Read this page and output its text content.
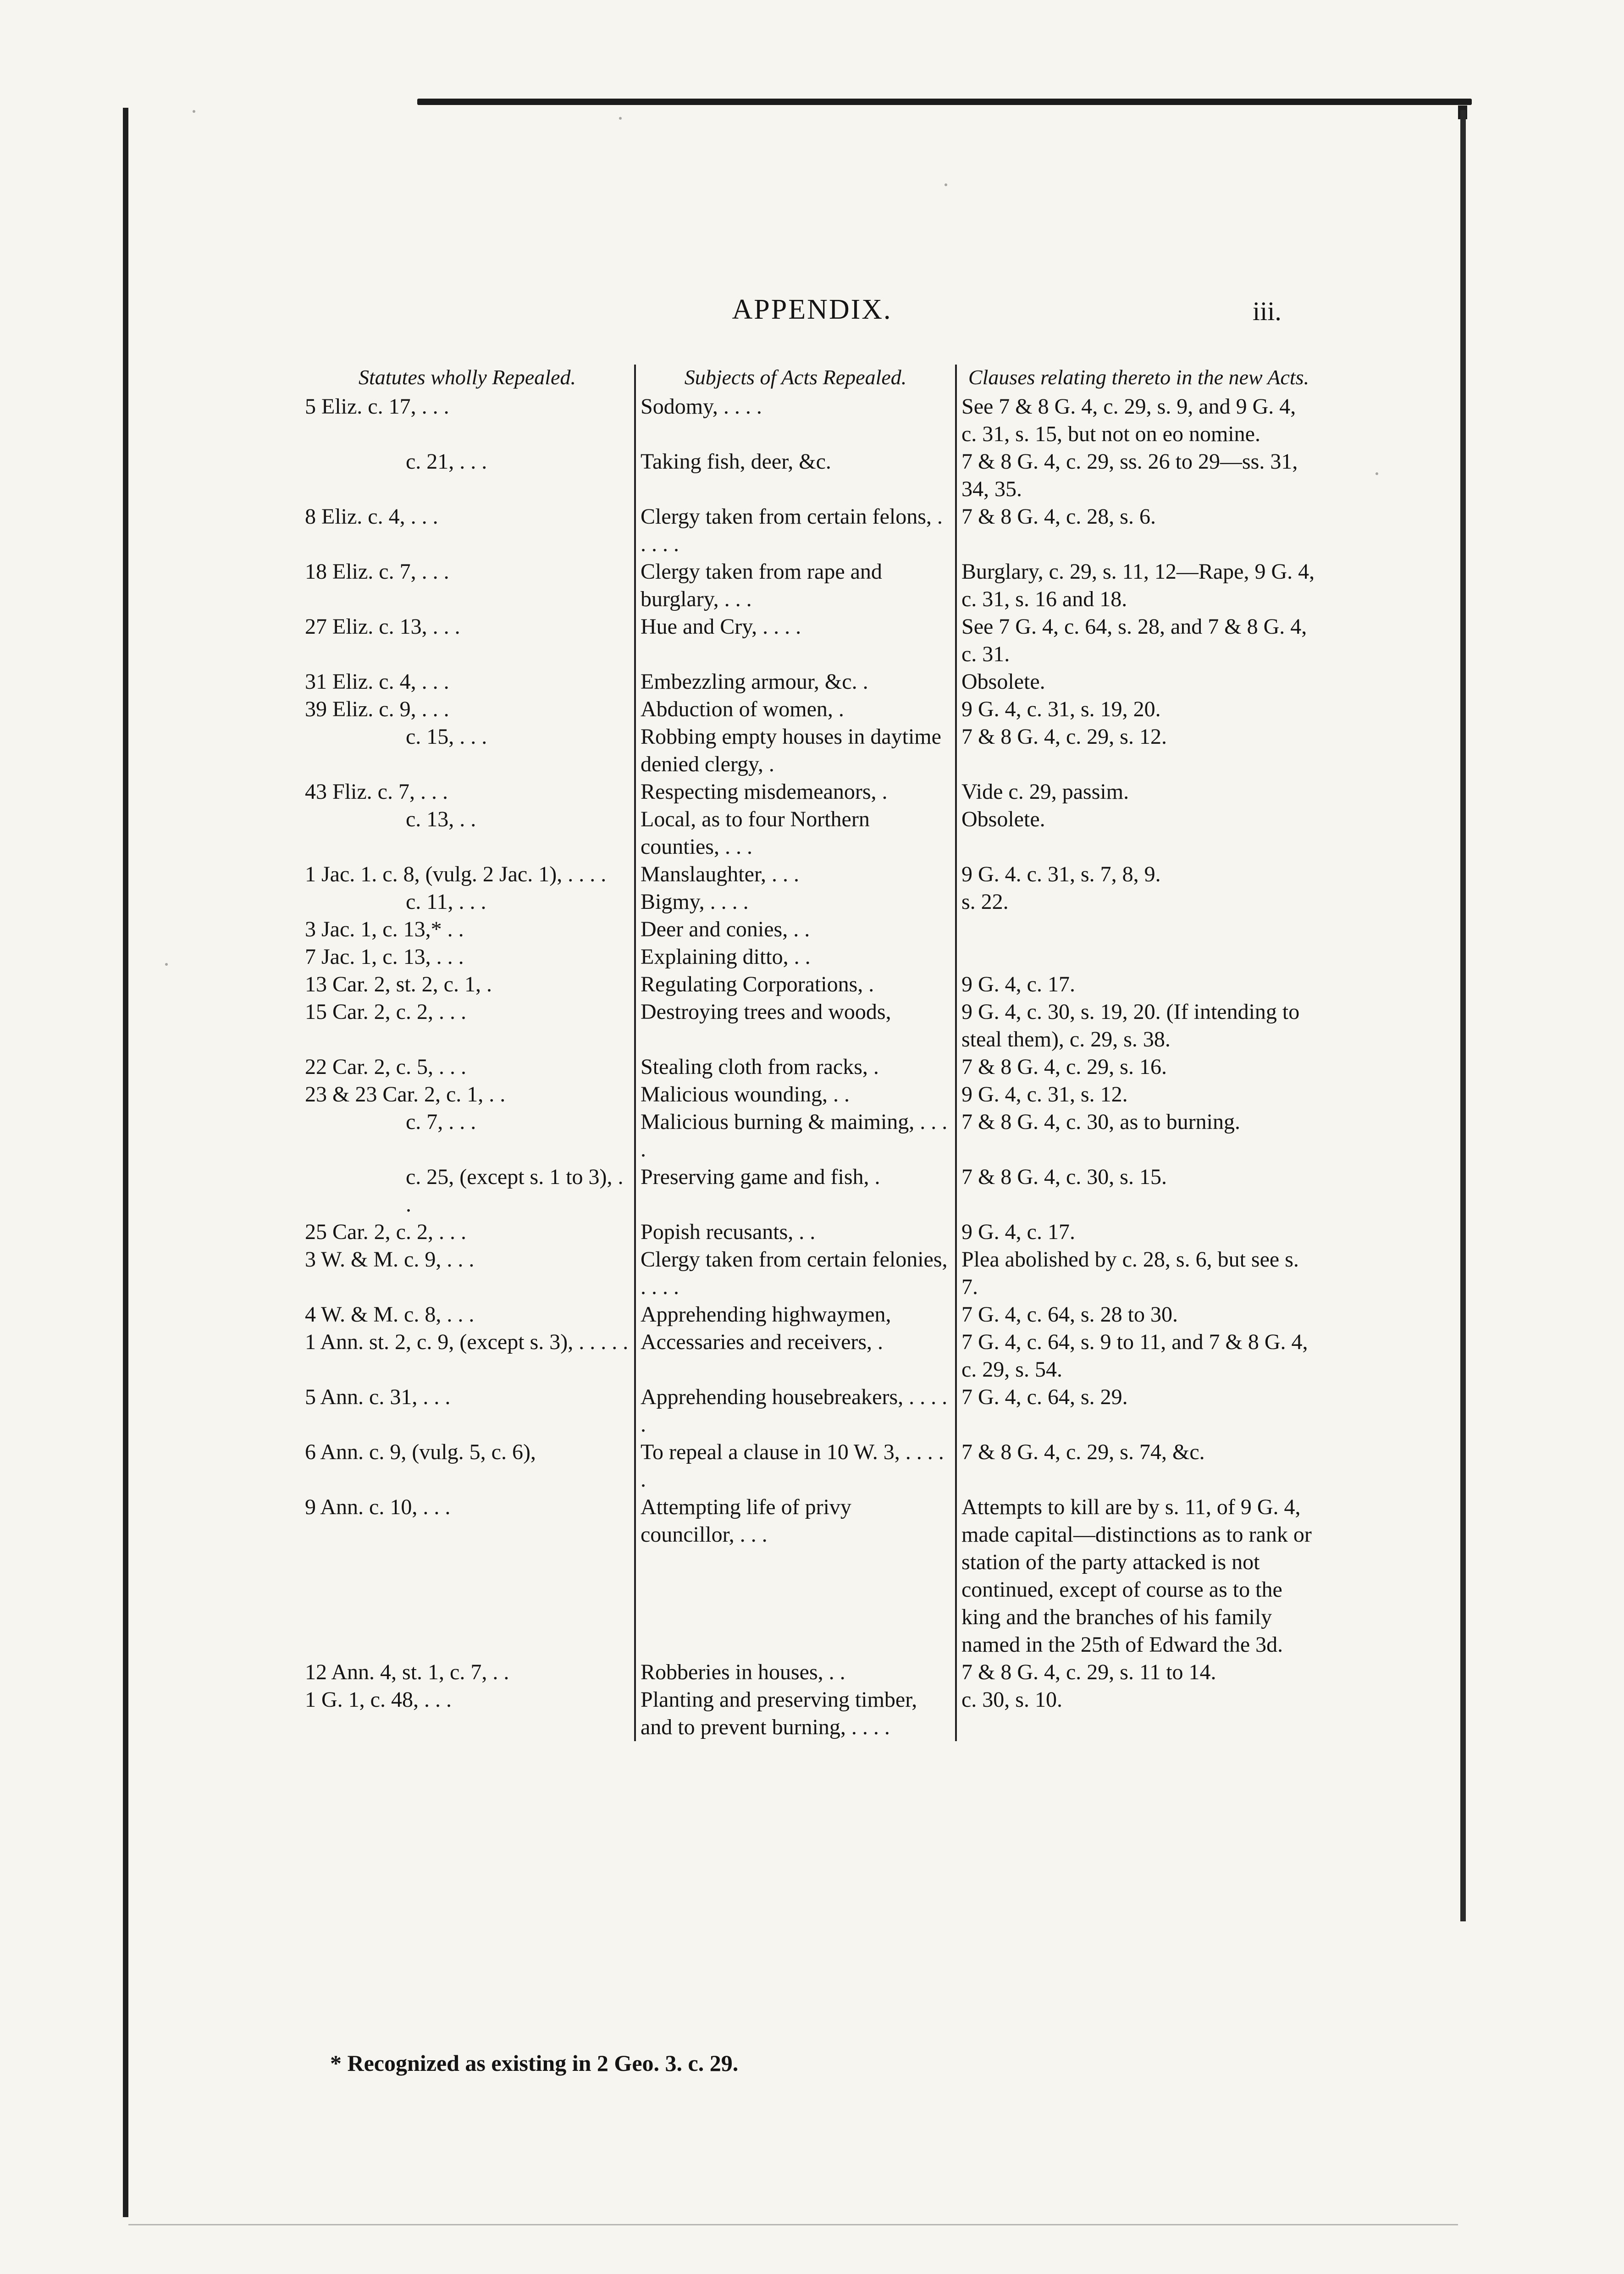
APPENDIX.	iii.
Statutes wholly Repealed.	Subjects of Acts Repealed.	Clauses relating thereto in the new Acts.
5 Eliz. c. 17, . . .	Sodomy, . . . .	See 7 & 8 G. 4, c. 29, s. 9, and 9 G. 4, c. 31, s. 15, but not on eo nomine.
c. 21, . . .	Taking fish, deer, &c.	7 & 8 G. 4, c. 29, ss. 26 to 29—ss. 31, 34, 35.
8 Eliz. c. 4, . . .	Clergy taken from certain felons, . . . . .	7 & 8 G. 4, c. 28, s. 6.
18 Eliz. c. 7, . . .	Clergy taken from rape and burglary, . . .	Burglary, c. 29, s. 11, 12—Rape, 9 G. 4, c. 31, s. 16 and 18.
27 Eliz. c. 13, . . .	Hue and Cry, . . . .	See 7 G. 4, c. 64, s. 28, and 7 & 8 G. 4, c. 31.
31 Eliz. c. 4, . . .	Embezzling armour, &c. .	Obsolete.
39 Eliz. c. 9, . . .	Abduction of women, .	9 G. 4, c. 31, s. 19, 20.
c. 15, . . .	Robbing empty houses in daytime denied clergy, .	7 & 8 G. 4, c. 29, s. 12.
43 Fliz. c. 7, . . .	Respecting misdemeanors, .	Vide c. 29, passim.
c. 13, . .	Local, as to four Northern counties, . . .	Obsolete.
1 Jac. 1. c. 8, (vulg. 2 Jac. 1), . . . .	Manslaughter, . . .	9 G. 4. c. 31, s. 7, 8, 9.
c. 11, . . .	Bigmy, . . . .	s. 22.
3 Jac. 1, c. 13,* . .	Deer and conies, . .	
7 Jac. 1, c. 13, . . .	Explaining ditto, . .	
13 Car. 2, st. 2, c. 1, .	Regulating Corporations, .	9 G. 4, c. 17.
15 Car. 2, c. 2, . . .	Destroying trees and woods,	9 G. 4, c. 30, s. 19, 20. (If intending to steal them), c. 29, s. 38.
22 Car. 2, c. 5, . . .	Stealing cloth from racks, .	7 & 8 G. 4, c. 29, s. 16.
23 & 23 Car. 2, c. 1, . .	Malicious wounding, . .	9 G. 4, c. 31, s. 12.
c. 7, . . .	Malicious burning & maiming, . . . .	7 & 8 G. 4, c. 30, as to burning.
c. 25, (except s. 1 to 3), . .	Preserving game and fish, .	7 & 8 G. 4, c. 30, s. 15.
25 Car. 2, c. 2, . . .	Popish recusants, . .	9 G. 4, c. 17.
3 W. & M. c. 9, . . .	Clergy taken from certain felonies, . . . .	Plea abolished by c. 28, s. 6, but see s. 7.
4 W. & M. c. 8, . . .	Apprehending highwaymen,	7 G. 4, c. 64, s. 28 to 30.
1 Ann. st. 2, c. 9, (except s. 3), . . . . .	Accessaries and receivers, .	7 G. 4, c. 64, s. 9 to 11, and 7 & 8 G. 4, c. 29, s. 54.
5 Ann. c. 31, . . .	Apprehending housebreakers, . . . . .	7 G. 4, c. 64, s. 29.
6 Ann. c. 9, (vulg. 5, c. 6),	To repeal a clause in 10 W. 3, . . . . .	7 & 8 G. 4, c. 29, s. 74, &c.
9 Ann. c. 10, . . .	Attempting life of privy councillor, . . .	Attempts to kill are by s. 11, of 9 G. 4, made capital—distinctions as to rank or station of the party attacked is not continued, except of course as to the king and the branches of his family named in the 25th of Edward the 3d.
12 Ann. 4, st. 1, c. 7, . .	Robberies in houses, . .	7 & 8 G. 4, c. 29, s. 11 to 14.
1 G. 1, c. 48, . . .	Planting and preserving timber, and to prevent burning, . . . .	c. 30, s. 10.
* Recognized as existing in 2 Geo. 3. c. 29.
